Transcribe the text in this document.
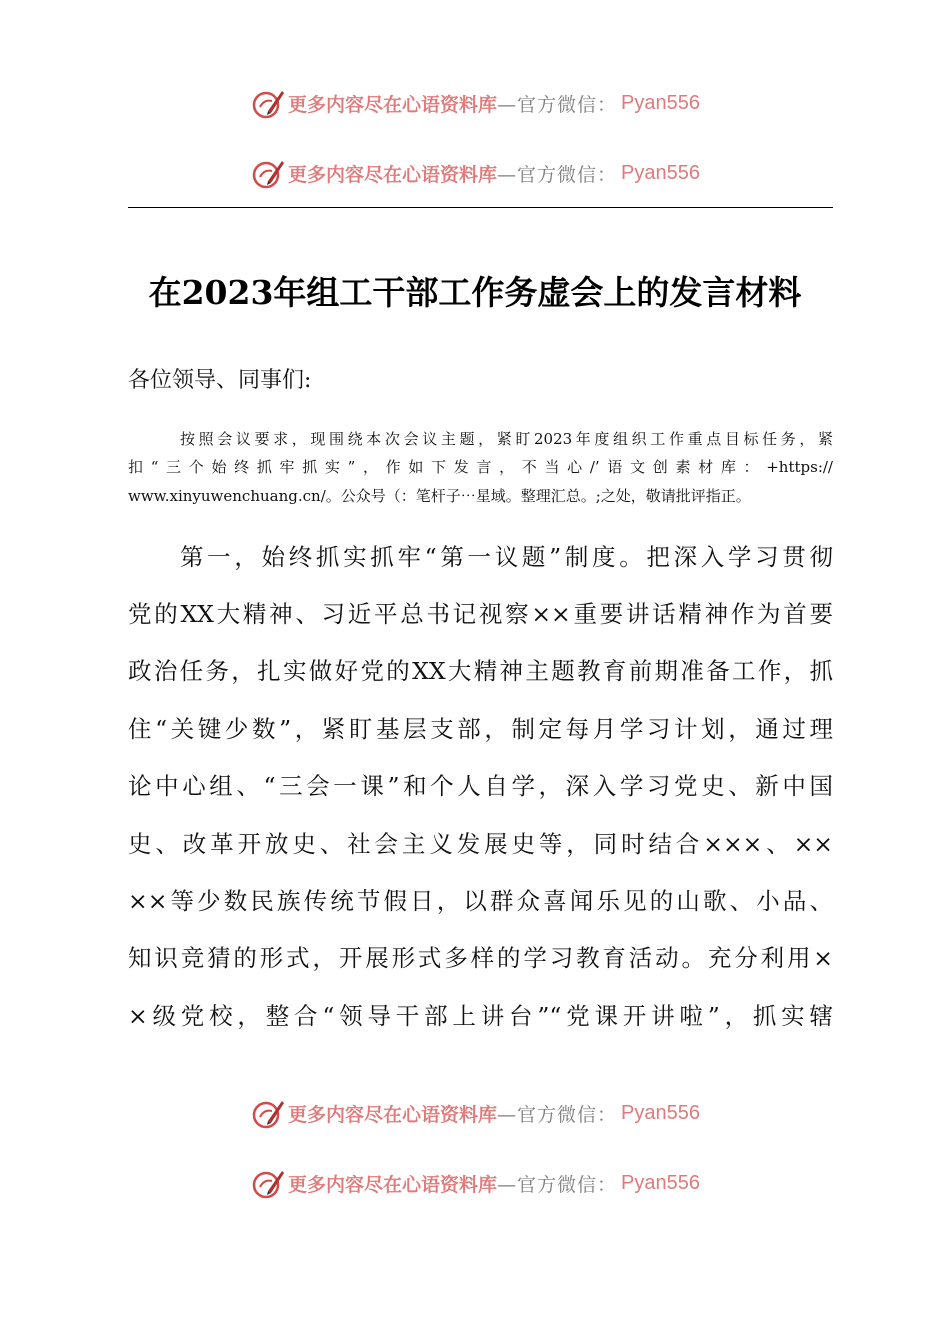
更多内容尽在心语资料库 —官方微信： Pyan556
更多内容尽在心语资料库 —官方微信： Pyan556
在2023年组工干部工作务虚会上的发言材料
各位领导、同事们:
按照会议要求，现围绕本次会议主题，紧盯2023年度组织工作重点目标任务，紧
扣“三个始终抓牢抓实”，作如下发言，不当心/’语文创素材库：+https://
www.xinyuwenchuang.cn/。公众号（：笔杆子⋯星域。整理汇总。;之处，敬请批评指正。
第一，始终抓实抓牢“第一议题”制度。把深入学习贯彻
党的XX大精神、习近平总书记视察××重要讲话精神作为首要
政治任务，扎实做好党的XX大精神主题教育前期准备工作，抓
住“关键少数”，紧盯基层支部，制定每月学习计划，通过理
论中心组、“三会一课”和个人自学，深入学习党史、新中国
史、改革开放史、社会主义发展史等，同时结合×××、××
××等少数民族传统节假日，以群众喜闻乐见的山歌、小品、
知识竞猜的形式，开展形式多样的学习教育活动。充分利用×
×级党校，整合“领导干部上讲台”“党课开讲啦”，抓实辖
更多内容尽在心语资料库 —官方微信： Pyan556
更多内容尽在心语资料库 —官方微信： Pyan556
